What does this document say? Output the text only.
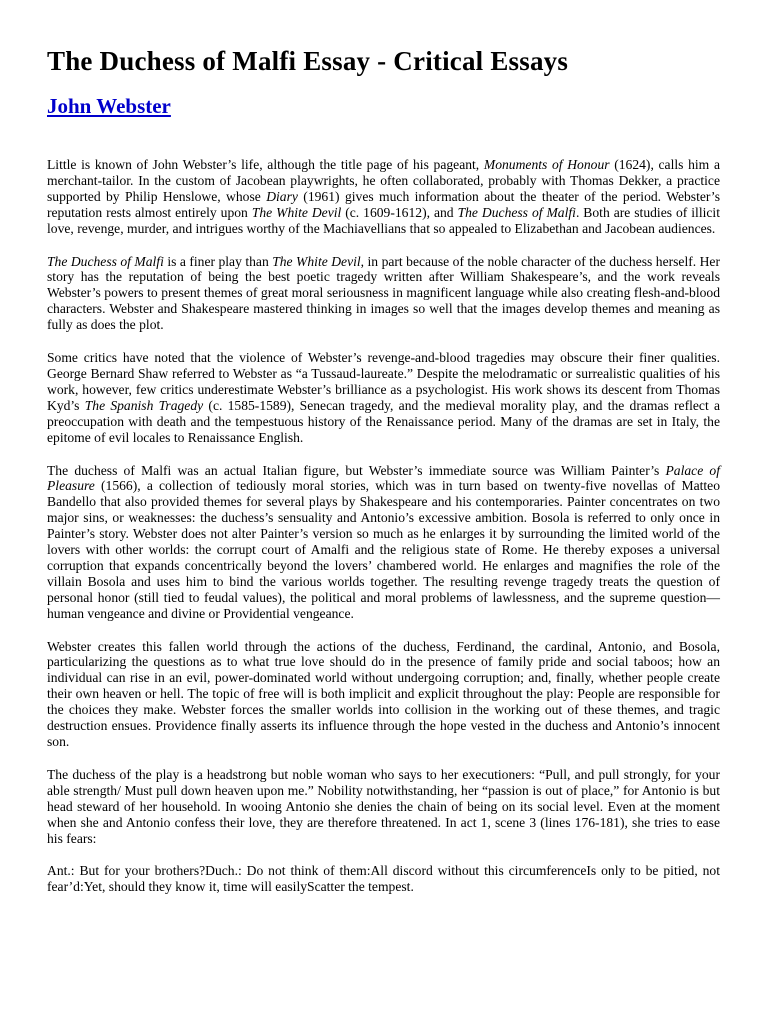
The Duchess of Malfi Essay - Critical Essays
John Webster

Little is known of John Webster’s life, although the title page of his pageant, Monuments of Honour (1624), calls him a merchant-tailor. In the custom of Jacobean playwrights, he often collaborated, probably with Thomas Dekker, a practice supported by Philip Henslowe, whose Diary (1961) gives much information about the theater of the period. Webster’s reputation rests almost entirely upon The White Devil (c. 1609-1612), and The Duchess of Malfi. Both are studies of illicit love, revenge, murder, and intrigues worthy of the Machiavellians that so appealed to Elizabethan and Jacobean audiences.

The Duchess of Malfi is a finer play than The White Devil, in part because of the noble character of the duchess herself. Her story has the reputation of being the best poetic tragedy written after William Shakespeare’s, and the work reveals Webster’s powers to present themes of great moral seriousness in magnificent language while also creating flesh-and-blood characters. Webster and Shakespeare mastered thinking in images so well that the images develop themes and meaning as fully as does the plot.

Some critics have noted that the violence of Webster’s revenge-and-blood tragedies may obscure their finer qualities. George Bernard Shaw referred to Webster as “a Tussaud-laureate.” Despite the melodramatic or surrealistic qualities of his work, however, few critics underestimate Webster’s brilliance as a psychologist. His work shows its descent from Thomas Kyd’s The Spanish Tragedy (c. 1585-1589), Senecan tragedy, and the medieval morality play, and the dramas reflect a preoccupation with death and the tempestuous history of the Renaissance period. Many of the dramas are set in Italy, the epitome of evil locales to Renaissance English.

The duchess of Malfi was an actual Italian figure, but Webster’s immediate source was William Painter’s Palace of Pleasure (1566), a collection of tediously moral stories, which was in turn based on twenty-five novellas of Matteo Bandello that also provided themes for several plays by Shakespeare and his contemporaries. Painter concentrates on two major sins, or weaknesses: the duchess’s sensuality and Antonio’s excessive ambition. Bosola is referred to only once in Painter’s story. Webster does not alter Painter’s version so much as he enlarges it by surrounding the limited world of the lovers with other worlds: the corrupt court of Amalfi and the religious state of Rome. He thereby exposes a universal corruption that expands concentrically beyond the lovers’ chambered world. He enlarges and magnifies the role of the villain Bosola and uses him to bind the various worlds together. The resulting revenge tragedy treats the question of personal honor (still tied to feudal values), the political and moral problems of lawlessness, and the supreme question—human vengeance and divine or Providential vengeance.

Webster creates this fallen world through the actions of the duchess, Ferdinand, the cardinal, Antonio, and Bosola, particularizing the questions as to what true love should do in the presence of family pride and social taboos; how an individual can rise in an evil, power-dominated world without undergoing corruption; and, finally, whether people create their own heaven or hell. The topic of free will is both implicit and explicit throughout the play: People are responsible for the choices they make. Webster forces the smaller worlds into collision in the working out of these themes, and tragic destruction ensues. Providence finally asserts its influence through the hope vested in the duchess and Antonio’s innocent son.

The duchess of the play is a headstrong but noble woman who says to her executioners: “Pull, and pull strongly, for your able strength/ Must pull down heaven upon me.” Nobility notwithstanding, her “passion is out of place,” for Antonio is but head steward of her household. In wooing Antonio she denies the chain of being on its social level. Even at the moment when she and Antonio confess their love, they are therefore threatened. In act 1, scene 3 (lines 176-181), she tries to ease his fears:

Ant.: But for your brothers?Duch.: Do not think of them:All discord without this circumferenceIs only to be pitied, not fear’d:Yet, should they know it, time will easilyScatter the tempest.
